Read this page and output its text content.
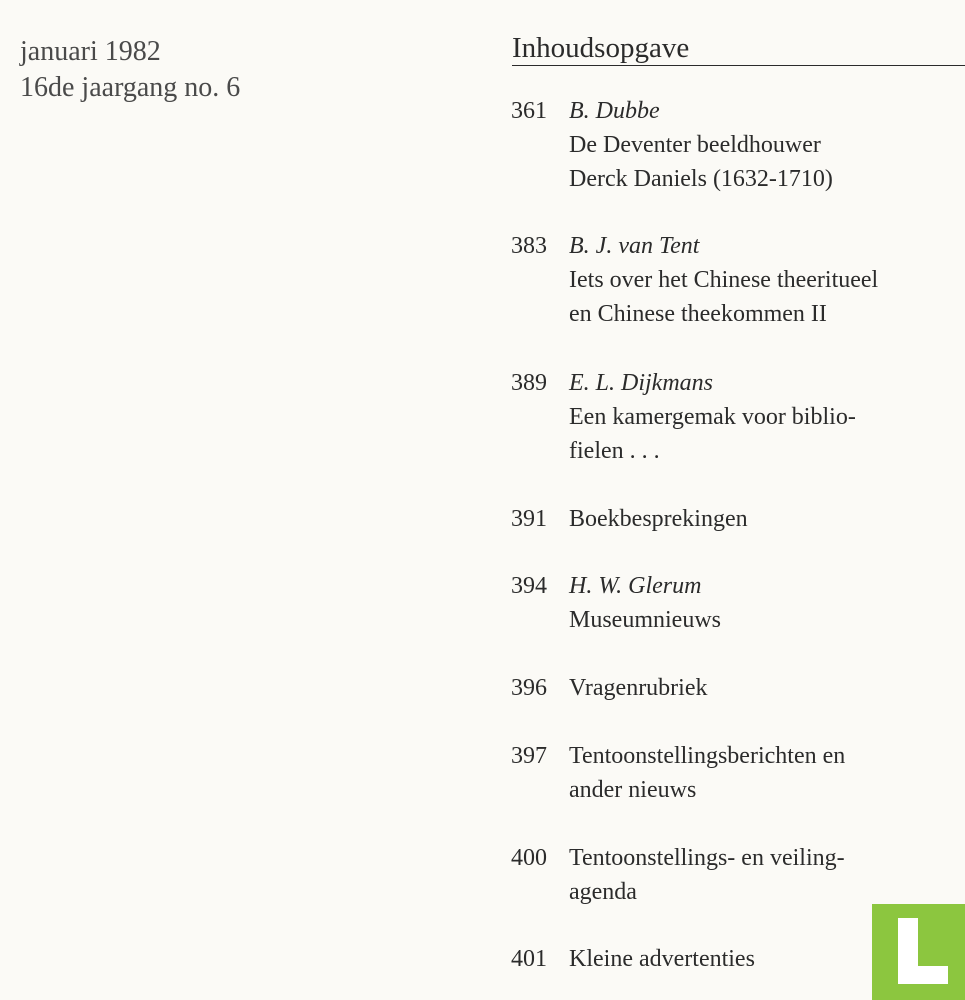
januari 1982
16de jaargang no. 6
Inhoudsopgave
361 B. Dubbe
De Deventer beeldhouwer
Derck Daniels (1632-1710)
383 B. J. van Tent
Iets over het Chinese theeritueel
en Chinese theekommen II
389 E. L. Dijkmans
Een kamergemak voor biblio-
fielen . . .
391 Boekbesprekingen
394 H. W. Glerum
Museumnieuws
396 Vragenrubriek
397 Tentoonstellingsberichten en
ander nieuws
400 Tentoonstellings- en veiling-
agenda
401 Kleine advertenties
